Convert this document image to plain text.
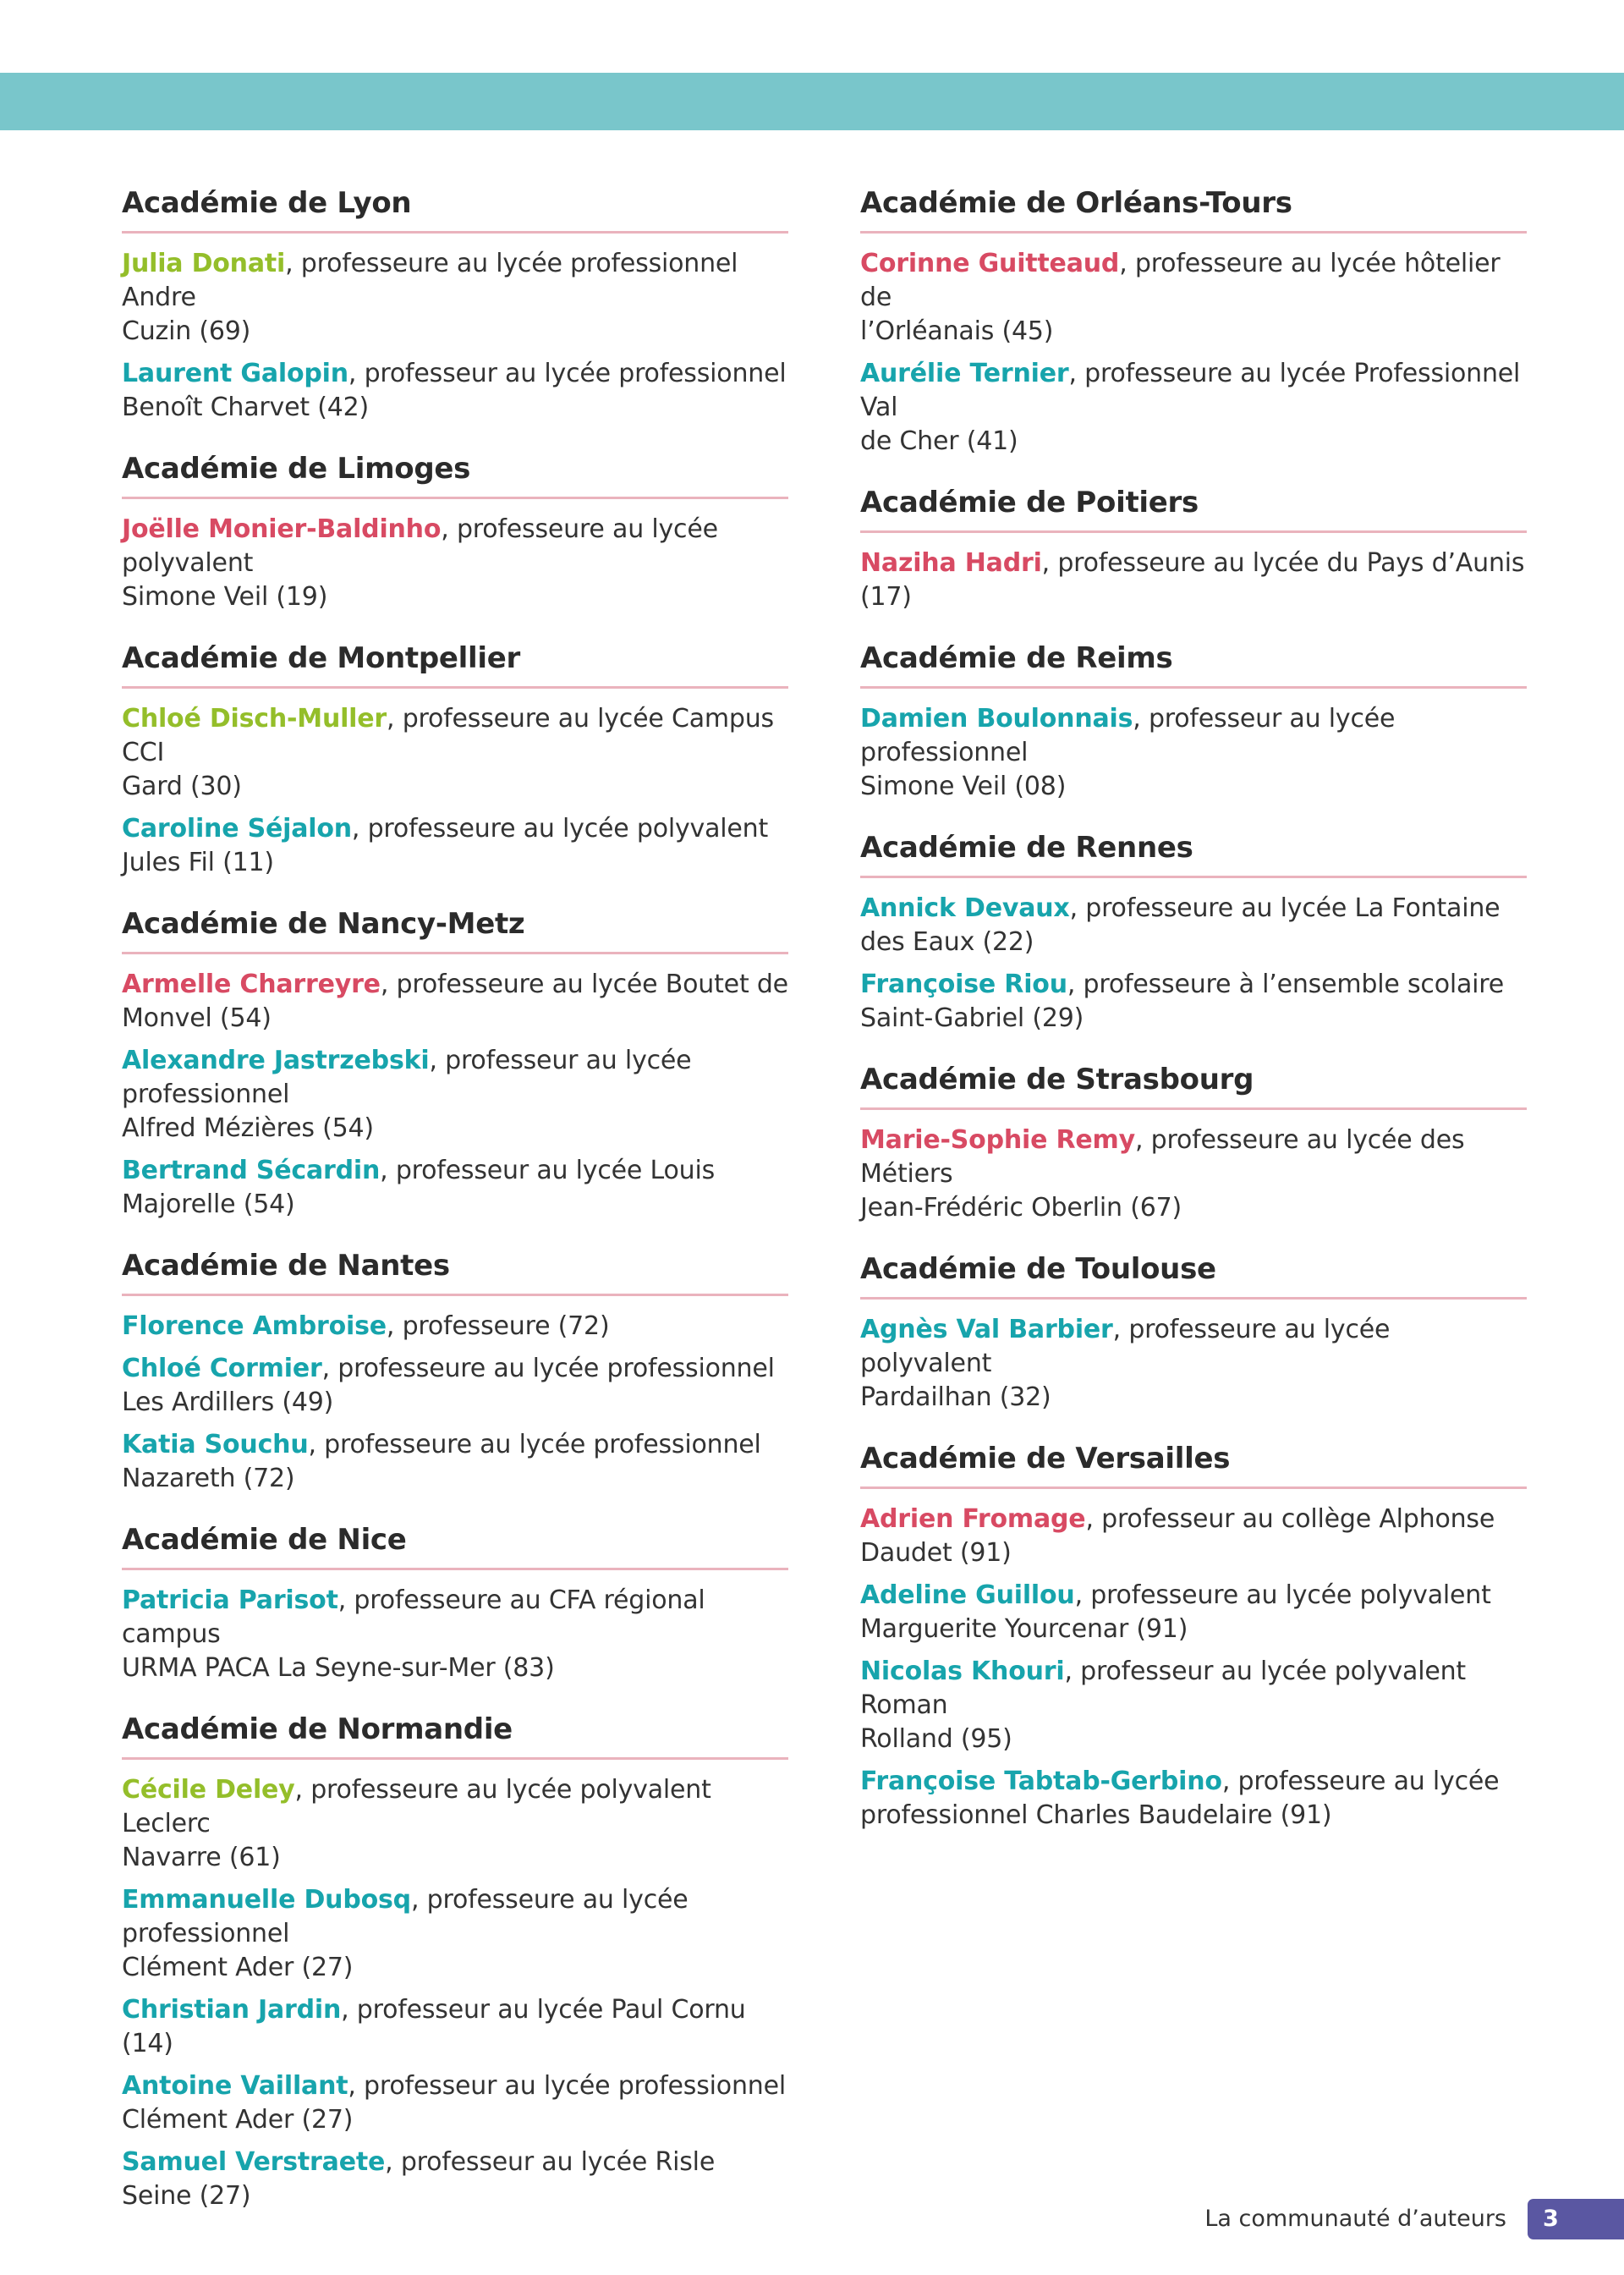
Académie de Lyon
Julia Donati, professeure au lycée professionnel Andre
Cuzin (69)
Laurent Galopin, professeur au lycée professionnel
Benoît Charvet (42)
Académie de Limoges
Joëlle Monier-Baldinho, professeure au lycée polyvalent
Simone Veil (19)
Académie de Montpellier
Chloé Disch-Muller, professeure au lycée Campus CCI
Gard (30)
Caroline Séjalon, professeure au lycée polyvalent
Jules Fil (11)
Académie de Nancy-Metz
Armelle Charreyre, professeure au lycée Boutet de
Monvel (54)
Alexandre Jastrzebski, professeur au lycée professionnel
Alfred Mézières (54)
Bertrand Sécardin, professeur au lycée Louis
Majorelle (54)
Académie de Nantes
Florence Ambroise, professeure (72)
Chloé Cormier, professeure au lycée professionnel
Les Ardillers (49)
Katia Souchu, professeure au lycée professionnel
Nazareth (72)
Académie de Nice
Patricia Parisot, professeure au CFA régional campus
URMA PACA La Seyne-sur-Mer (83)
Académie de Normandie
Cécile Deley, professeure au lycée polyvalent Leclerc
Navarre (61)
Emmanuelle Dubosq, professeure au lycée professionnel
Clément Ader (27)
Christian Jardin, professeur au lycée Paul Cornu (14)
Antoine Vaillant, professeur au lycée professionnel
Clément Ader (27)
Samuel Verstraete, professeur au lycée Risle Seine (27)
Académie de Orléans-Tours
Corinne Guitteaud, professeure au lycée hôtelier de
l’Orléanais (45)
Aurélie Ternier, professeure au lycée Professionnel Val
de Cher (41)
Académie de Poitiers
Naziha Hadri, professeure au lycée du Pays d’Aunis (17)
Académie de Reims
Damien Boulonnais, professeur au lycée professionnel
Simone Veil (08)
Académie de Rennes
Annick Devaux, professeure au lycée La Fontaine
des Eaux (22)
Françoise Riou, professeure à l’ensemble scolaire
Saint-Gabriel (29)
Académie de Strasbourg
Marie-Sophie Remy, professeure au lycée des Métiers
Jean-Frédéric Oberlin (67)
Académie de Toulouse
Agnès Val Barbier, professeure au lycée polyvalent
Pardailhan (32)
Académie de Versailles
Adrien Fromage, professeur au collège Alphonse
Daudet (91)
Adeline Guillou, professeure au lycée polyvalent
Marguerite Yourcenar (91)
Nicolas Khouri, professeur au lycée polyvalent Roman
Rolland (95)
Françoise Tabtab-Gerbino, professeure au lycée
professionnel Charles Baudelaire (91)
La communauté d’auteurs	3
